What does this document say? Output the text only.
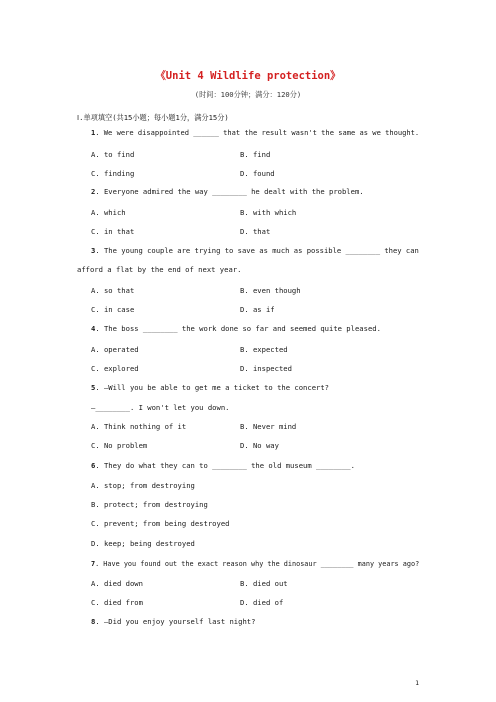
《Unit 4 Wildlife protection》
(时间：100分钟；满分：120分)
Ⅰ.单项填空(共15小题；每小题1分，满分15分)
1. We were disappointed ______ that the result wasn't the same as we thought.
A. to find	B. find
C. finding	D. found
2. Everyone admired the way ________ he dealt with the problem.
A. which	B. with which
C. in that	D. that
3. The young couple are trying to save as much as possible ________ they can
afford a flat by the end of next year.
A. so that	B. even though
C. in case	D. as if
4. The boss ________ the work done so far and seemed quite pleased.
A. operated	B. expected
C. explored	D. inspected
5. —Will you be able to get me a ticket to the concert?
—________. I won't let you down.
A. Think nothing of it	B. Never mind
C. No problem	D. No way
6. They do what they can to ________ the old museum ________.
A. stop; from destroying
B. protect; from destroying
C. prevent; from being destroyed
D. keep; being destroyed
7. Have you found out the exact reason why the dinosaur ________ many years ago?
A. died down	B. died out
C. died from	D. died of
8. —Did you enjoy yourself last night?
1
